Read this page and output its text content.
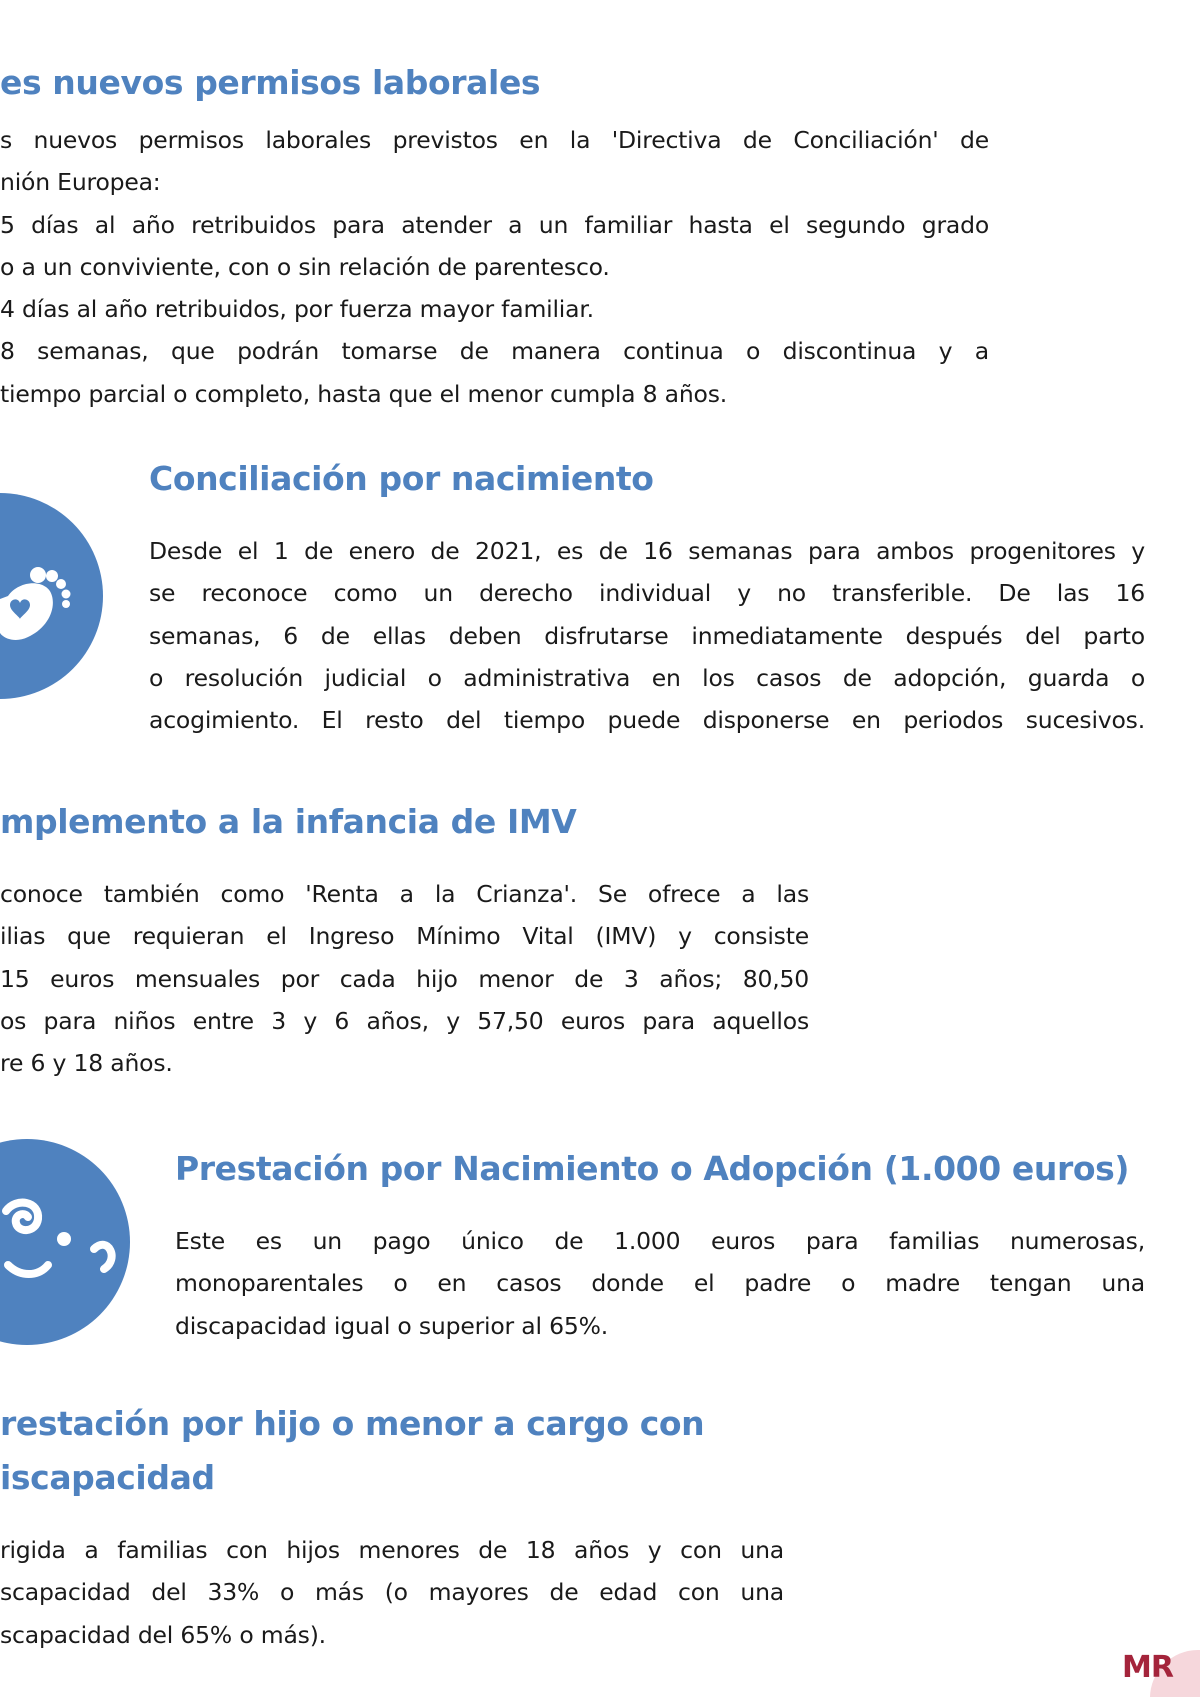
es nuevos permisos laborales

s nuevos permisos laborales previstos en la 'Directiva de Conciliación' de

nión Europea:

5 días al año retribuidos para atender a un familiar hasta el segundo grado

o a un conviviente, con o sin relación de parentesco.

4 días al año retribuidos, por fuerza mayor familiar.

8 semanas, que podrán tomarse de manera continua o discontinua y a

tiempo parcial o completo, hasta que el menor cumpla 8 años.

Conciliación por nacimiento

Desde el 1 de enero de 2021, es de 16 semanas para ambos progenitores y

se reconoce como un derecho individual y no transferible. De las 16

semanas, 6 de ellas deben disfrutarse inmediatamente después del parto

o resolución judicial o administrativa en los casos de adopción, guarda o

acogimiento. El resto del tiempo puede disponerse en periodos sucesivos.

mplemento a la infancia de IMV

conoce también como 'Renta a la Crianza'. Se ofrece a las

ilias que requieran el Ingreso Mínimo Vital (IMV) y consiste

15 euros mensuales por cada hijo menor de 3 años; 80,50

os para niños entre 3 y 6 años, y 57,50 euros para aquellos

re 6 y 18 años.

Prestación por Nacimiento o Adopción (1.000 euros)

Este es un pago único de 1.000 euros para familias numerosas,

monoparentales o en casos donde el padre o madre tengan una

discapacidad igual o superior al 65%.

restación por hijo o menor a cargo con
iscapacidad

rigida a familias con hijos menores de 18 años y con una

scapacidad del 33% o más (o mayores de edad con una

scapacidad del 65% o más).

MR
